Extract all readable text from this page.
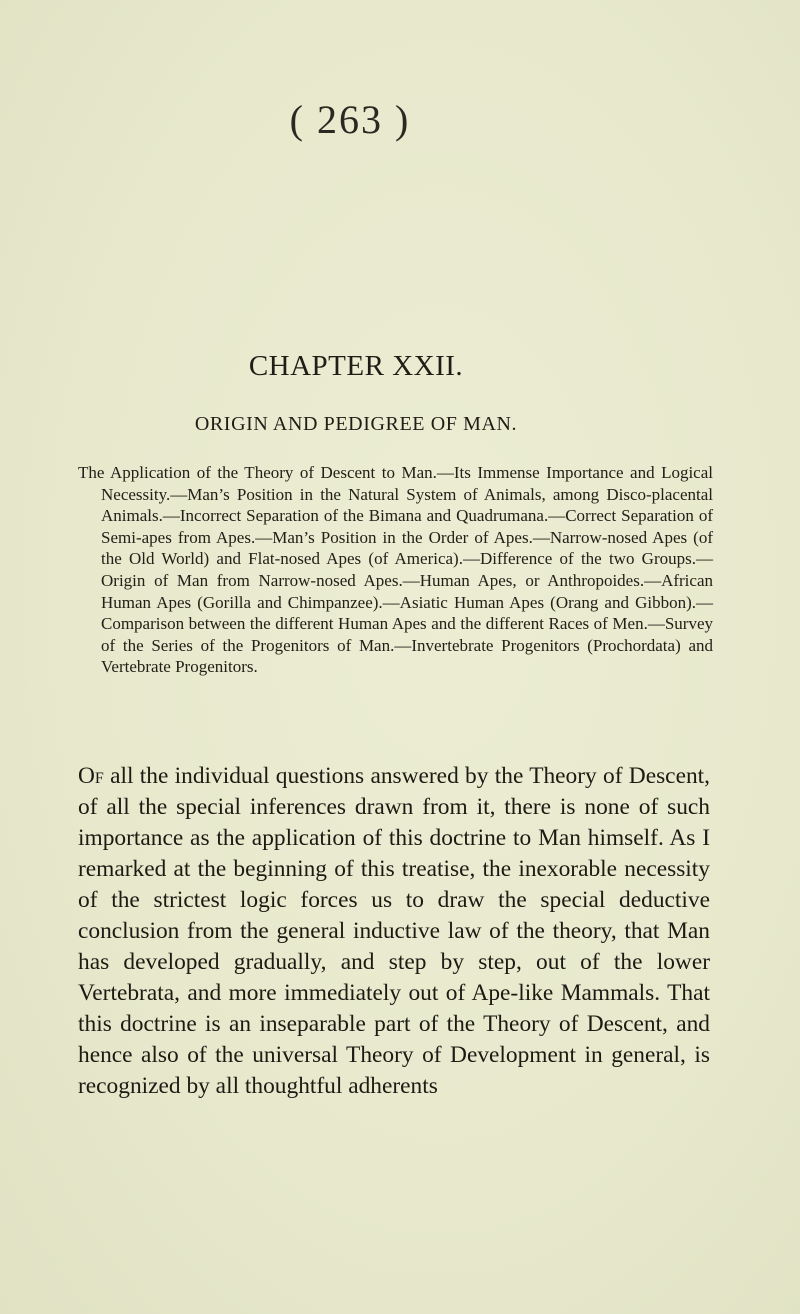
( 263 )
CHAPTER XXII.
ORIGIN AND PEDIGREE OF MAN.

The Application of the Theory of Descent to Man.—Its Immense Importance and Logical Necessity.—Man’s Position in the Natural System of Animals, among Disco-placental Animals.—Incorrect Separation of the Bimana and Quadrumana.—Correct Separation of Semi-apes from Apes.—Man’s Position in the Order of Apes.—Narrow-nosed Apes (of the Old World) and Flat-nosed Apes (of America).—Difference of the two Groups.—Origin of Man from Narrow-nosed Apes.—Human Apes, or Anthropoides.—African Human Apes (Gorilla and Chimpanzee).—Asiatic Human Apes (Orang and Gibbon).—Comparison between the different Human Apes and the different Races of Men.—Survey of the Series of the Progenitors of Man.—Invertebrate Progenitors (Prochordata) and Vertebrate Progenitors.

Of all the individual questions answered by the Theory of Descent, of all the special inferences drawn from it, there is none of such importance as the application of this doctrine to Man himself. As I remarked at the beginning of this treatise, the inexorable necessity of the strictest logic forces us to draw the special deductive conclusion from the general inductive law of the theory, that Man has developed gradually, and step by step, out of the lower Vertebrata, and more immediately out of Ape-like Mammals. That this doctrine is an inseparable part of the Theory of Descent, and hence also of the universal Theory of Development in general, is recognized by all thoughtful adherents
